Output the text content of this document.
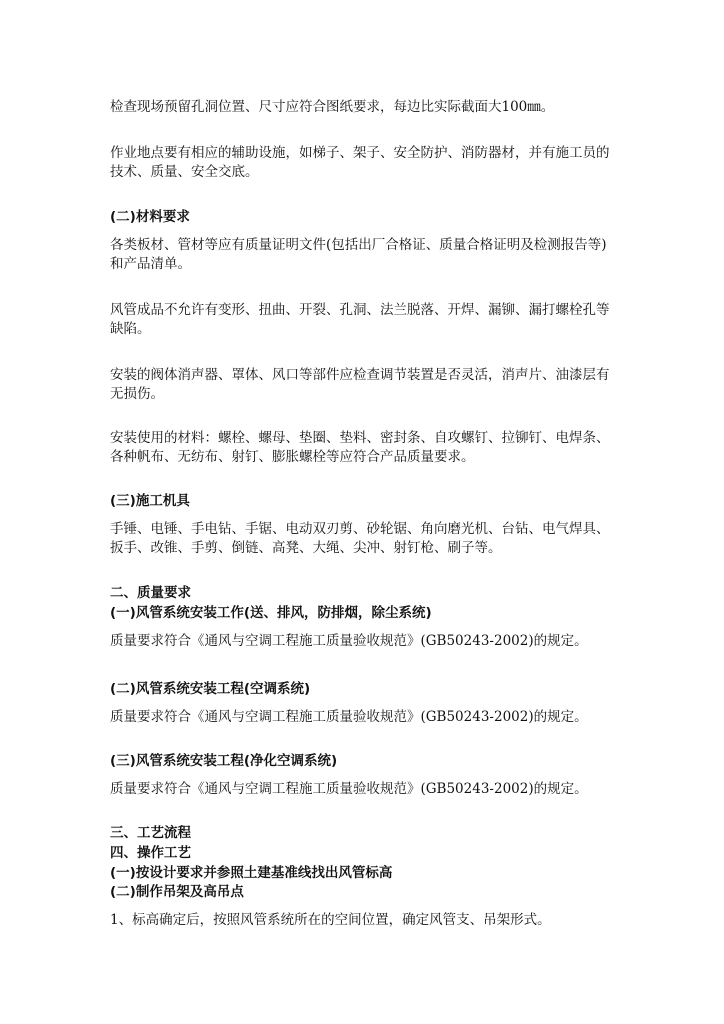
检查现场预留孔洞位置、尺寸应符合图纸要求，每边比实际截面大100㎜。

作业地点要有相应的辅助设施，如梯子、架子、安全防护、消防器材，并有施工员的技术、质量、安全交底。

(二)材料要求

各类板材、管材等应有质量证明文件(包括出厂合格证、质量合格证明及检测报告等)和产品清单。

风管成品不允许有变形、扭曲、开裂、孔洞、法兰脱落、开焊、漏铆、漏打螺栓孔等缺陷。

安装的阀体消声器、罩体、风口等部件应检查调节装置是否灵活，消声片、油漆层有无损伤。

安装使用的材料：螺栓、螺母、垫圈、垫料、密封条、自攻螺钉、拉铆钉、电焊条、各种帆布、无纺布、射钉、膨胀螺栓等应符合产品质量要求。

(三)施工机具

手锤、电锤、手电钻、手锯、电动双刃剪、砂轮锯、角向磨光机、台钻、电气焊具、扳手、改锥、手剪、倒链、高凳、大绳、尖冲、射钉枪、刷子等。

二、质量要求

(一)风管系统安装工作(送、排风，防排烟，除尘系统)

质量要求符合《通风与空调工程施工质量验收规范》(GB50243-2002)的规定。

(二)风管系统安装工程(空调系统)

质量要求符合《通风与空调工程施工质量验收规范》(GB50243-2002)的规定。

(三)风管系统安装工程(净化空调系统)

质量要求符合《通风与空调工程施工质量验收规范》(GB50243-2002)的规定。

三、工艺流程

四、操作工艺

(一)按设计要求并参照土建基准线找出风管标高

(二)制作吊架及高吊点

1、标高确定后，按照风管系统所在的空间位置，确定风管支、吊架形式。
